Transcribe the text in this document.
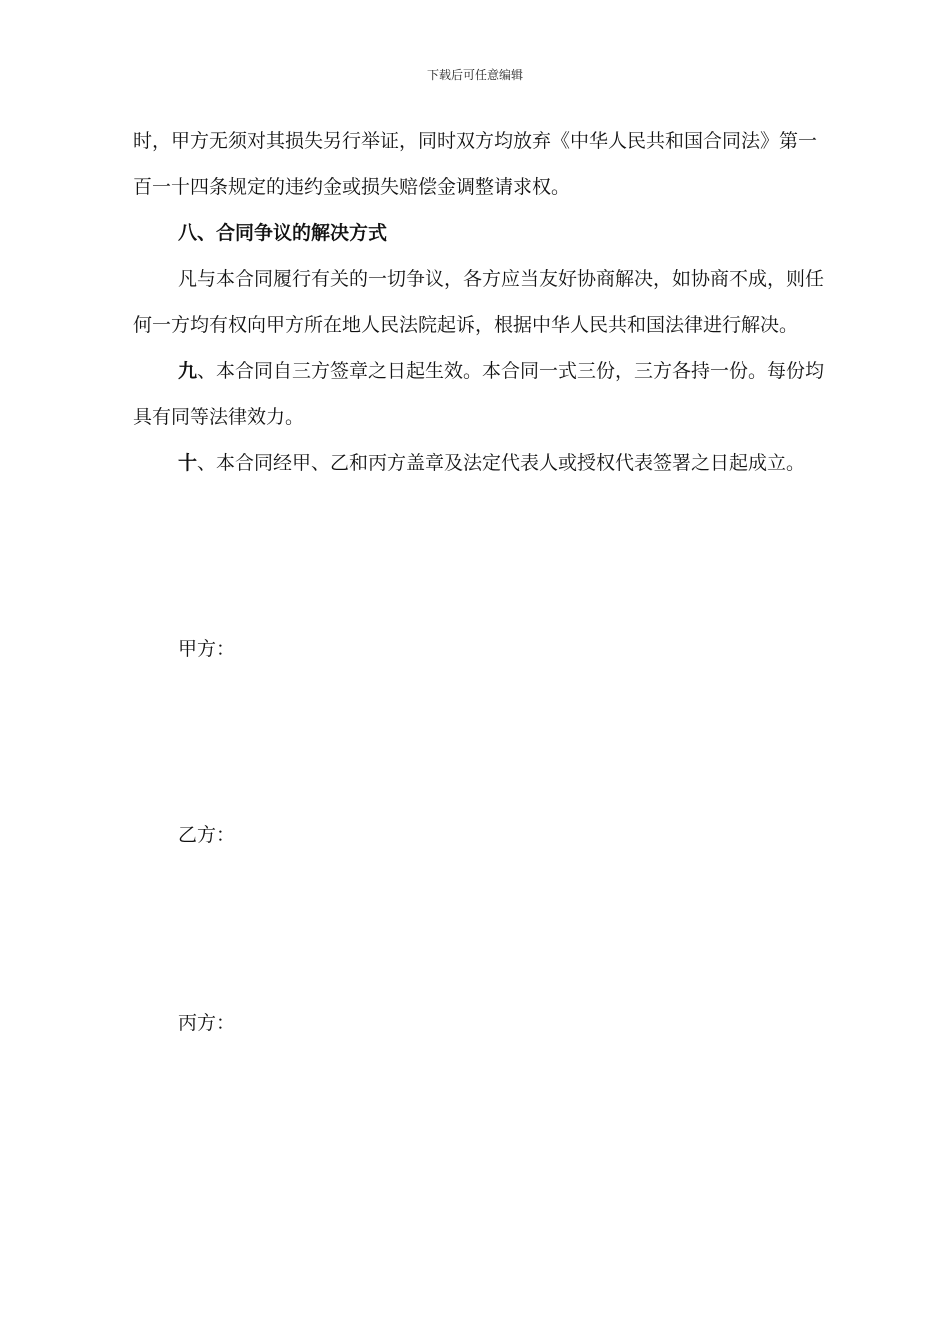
下载后可任意编辑

时，甲方无须对其损失另行举证，同时双方均放弃《中华人民共和国合同法》第一百一十四条规定的违约金或损失赔偿金调整请求权。

八、合同争议的解决方式

凡与本合同履行有关的一切争议，各方应当友好协商解决，如协商不成，则任何一方均有权向甲方所在地人民法院起诉，根据中华人民共和国法律进行解决。

九、本合同自三方签章之日起生效。本合同一式三份，三方各持一份。每份均具有同等法律效力。

十、本合同经甲、乙和丙方盖章及法定代表人或授权代表签署之日起成立。

甲方：
乙方：
丙方：
